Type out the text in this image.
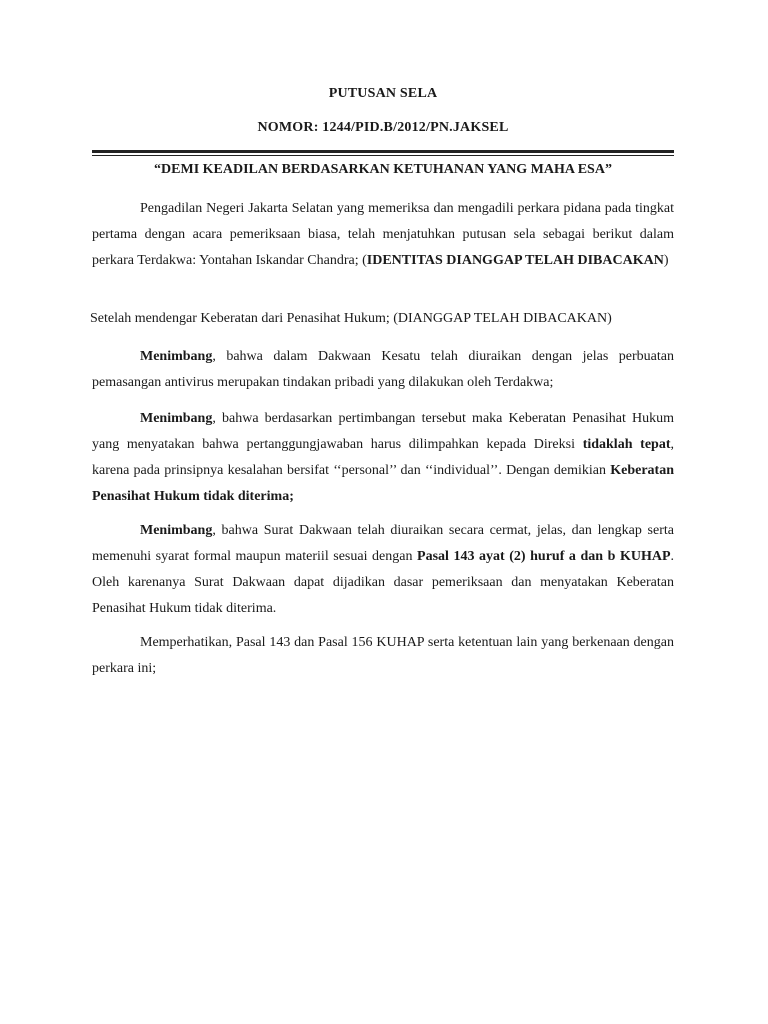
PUTUSAN SELA
NOMOR: 1244/PID.B/2012/PN.JAKSEL
“DEMI KEADILAN BERDASARKAN KETUHANAN YANG MAHA ESA”

Pengadilan Negeri Jakarta Selatan yang memeriksa dan mengadili perkara pidana pada tingkat pertama dengan acara pemeriksaan biasa, telah menjatuhkan putusan sela sebagai berikut dalam perkara Terdakwa: Yontahan Iskandar Chandra; (IDENTITAS DIANGGAP TELAH DIBACAKAN)

Setelah mendengar Keberatan dari Penasihat Hukum; (DIANGGAP TELAH DIBACAKAN)

Menimbang, bahwa dalam Dakwaan Kesatu telah diuraikan dengan jelas perbuatan pemasangan antivirus merupakan tindakan pribadi yang dilakukan oleh Terdakwa;

Menimbang, bahwa berdasarkan pertimbangan tersebut maka Keberatan Penasihat Hukum yang menyatakan bahwa pertanggungjawaban harus dilimpahkan kepada Direksi tidaklah tepat, karena pada prinsipnya kesalahan bersifat ‘‘personal’’ dan ‘‘individual’’. Dengan demikian Keberatan Penasihat Hukum tidak diterima;

Menimbang, bahwa Surat Dakwaan telah diuraikan secara cermat, jelas, dan lengkap serta memenuhi syarat formal maupun materiil sesuai dengan Pasal 143 ayat (2) huruf a dan b KUHAP. Oleh karenanya Surat Dakwaan dapat dijadikan dasar pemeriksaan dan menyatakan Keberatan Penasihat Hukum tidak diterima.

Memperhatikan, Pasal 143 dan Pasal 156 KUHAP serta ketentuan lain yang berkenaan dengan perkara ini;
